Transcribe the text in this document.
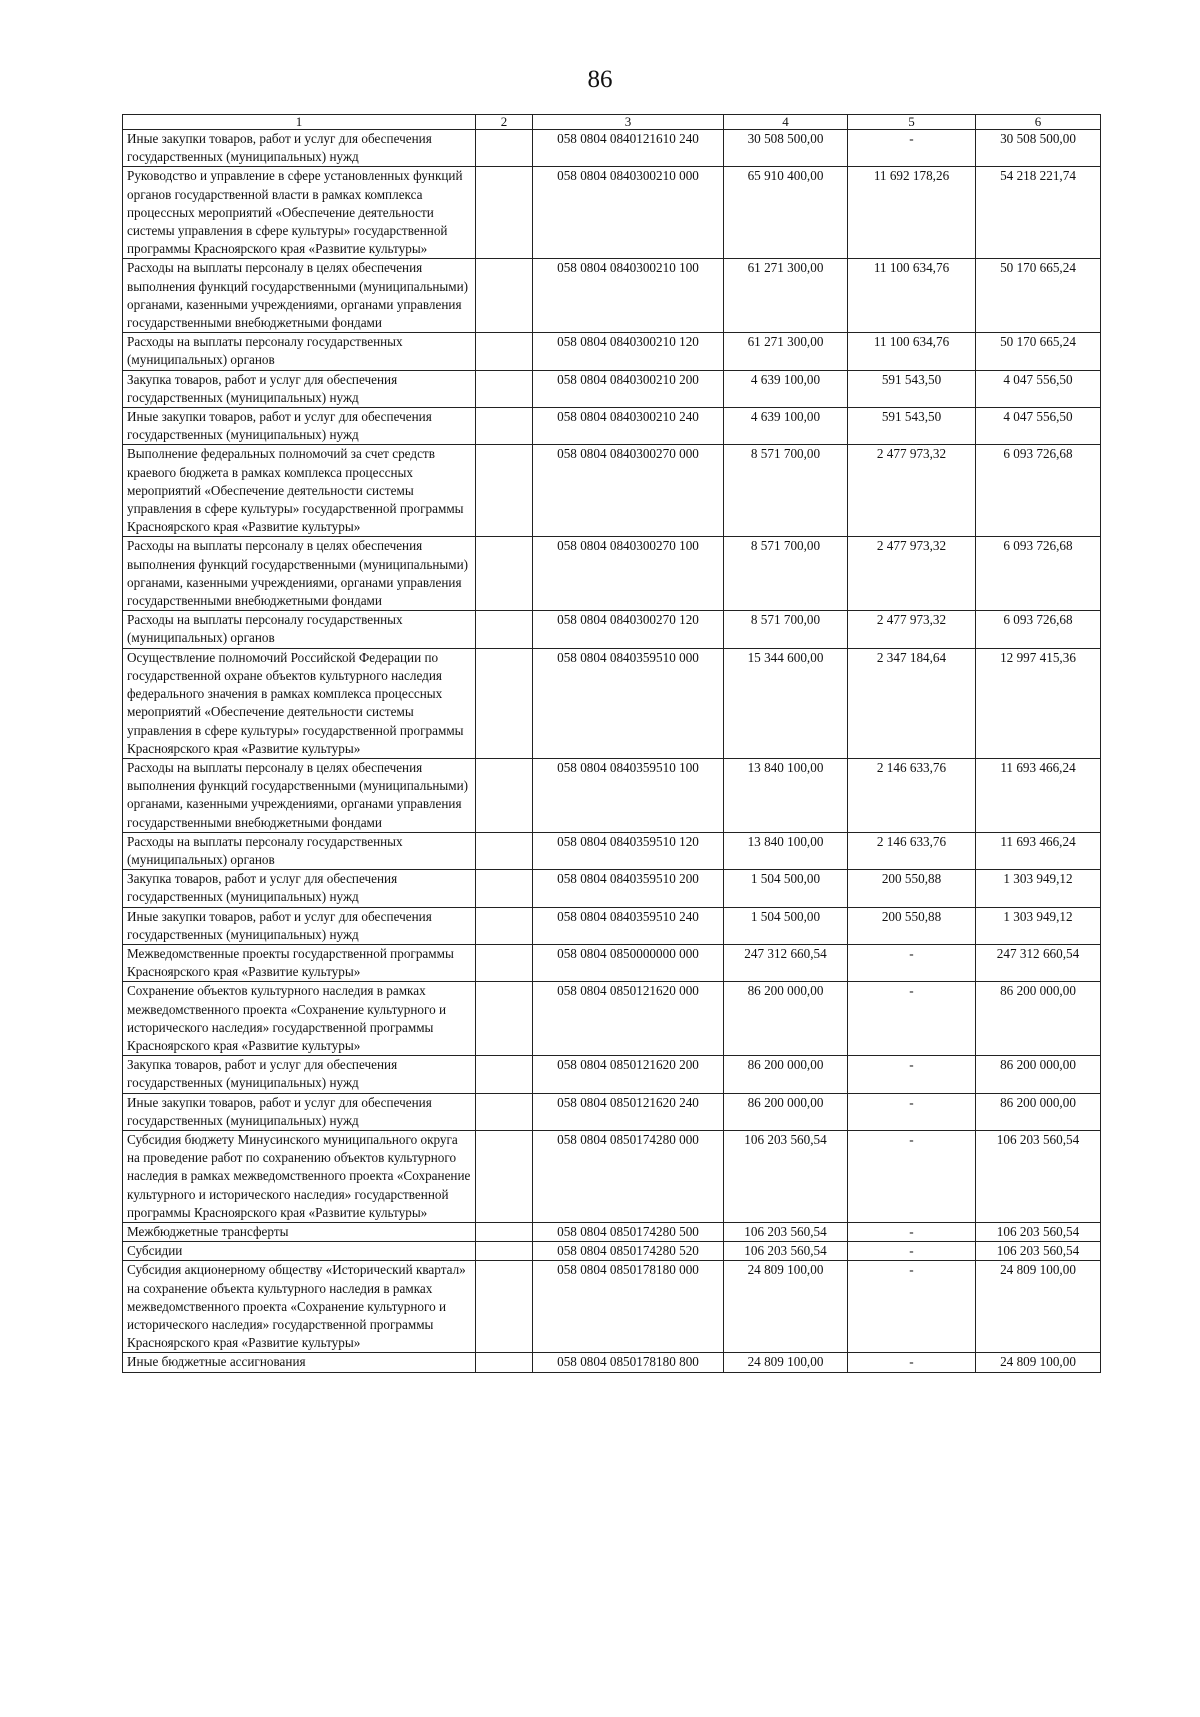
86
1	2	3	4	5	6
Иные закупки товаров, работ и услуг для обеспечения государственных (муниципальных) нужд		058 0804 0840121610 240	30 508 500,00	-	30 508 500,00
Руководство и управление в сфере установленных функций органов государственной власти в рамках комплекса процессных мероприятий «Обеспечение деятельности системы управления в сфере культуры» государственной программы Красноярского края «Развитие культуры»		058 0804 0840300210 000	65 910 400,00	11 692 178,26	54 218 221,74
Расходы на выплаты персоналу в целях обеспечения выполнения функций государственными (муниципальными) органами, казенными учреждениями, органами управления государственными внебюджетными фондами		058 0804 0840300210 100	61 271 300,00	11 100 634,76	50 170 665,24
Расходы на выплаты персоналу государственных (муниципальных) органов		058 0804 0840300210 120	61 271 300,00	11 100 634,76	50 170 665,24
Закупка товаров, работ и услуг для обеспечения государственных (муниципальных) нужд		058 0804 0840300210 200	4 639 100,00	591 543,50	4 047 556,50
Иные закупки товаров, работ и услуг для обеспечения государственных (муниципальных) нужд		058 0804 0840300210 240	4 639 100,00	591 543,50	4 047 556,50
Выполнение федеральных полномочий за счет средств краевого бюджета в рамках комплекса процессных мероприятий «Обеспечение деятельности системы управления в сфере культуры» государственной программы Красноярского края «Развитие культуры»		058 0804 0840300270 000	8 571 700,00	2 477 973,32	6 093 726,68
Расходы на выплаты персоналу в целях обеспечения выполнения функций государственными (муниципальными) органами, казенными учреждениями, органами управления государственными внебюджетными фондами		058 0804 0840300270 100	8 571 700,00	2 477 973,32	6 093 726,68
Расходы на выплаты персоналу государственных (муниципальных) органов		058 0804 0840300270 120	8 571 700,00	2 477 973,32	6 093 726,68
Осуществление полномочий Российской Федерации по государственной охране объектов культурного наследия федерального значения в рамках комплекса процессных мероприятий «Обеспечение деятельности системы управления в сфере культуры» государственной программы Красноярского края «Развитие культуры»		058 0804 0840359510 000	15 344 600,00	2 347 184,64	12 997 415,36
Расходы на выплаты персоналу в целях обеспечения выполнения функций государственными (муниципальными) органами, казенными учреждениями, органами управления государственными внебюджетными фондами		058 0804 0840359510 100	13 840 100,00	2 146 633,76	11 693 466,24
Расходы на выплаты персоналу государственных (муниципальных) органов		058 0804 0840359510 120	13 840 100,00	2 146 633,76	11 693 466,24
Закупка товаров, работ и услуг для обеспечения государственных (муниципальных) нужд		058 0804 0840359510 200	1 504 500,00	200 550,88	1 303 949,12
Иные закупки товаров, работ и услуг для обеспечения государственных (муниципальных) нужд		058 0804 0840359510 240	1 504 500,00	200 550,88	1 303 949,12
Межведомственные проекты государственной программы Красноярского края «Развитие культуры»		058 0804 0850000000 000	247 312 660,54	-	247 312 660,54
Сохранение объектов культурного наследия в рамках межведомственного проекта «Сохранение культурного и исторического наследия» государственной программы Красноярского края «Развитие культуры»		058 0804 0850121620 000	86 200 000,00	-	86 200 000,00
Закупка товаров, работ и услуг для обеспечения государственных (муниципальных) нужд		058 0804 0850121620 200	86 200 000,00	-	86 200 000,00
Иные закупки товаров, работ и услуг для обеспечения государственных (муниципальных) нужд		058 0804 0850121620 240	86 200 000,00	-	86 200 000,00
Субсидия бюджету Минусинского муниципального округа на проведение работ по сохранению объектов культурного наследия в рамках межведомственного проекта «Сохранение культурного и исторического наследия» государственной программы Красноярского края «Развитие культуры»		058 0804 0850174280 000	106 203 560,54	-	106 203 560,54
Межбюджетные трансферты		058 0804 0850174280 500	106 203 560,54	-	106 203 560,54
Субсидии		058 0804 0850174280 520	106 203 560,54	-	106 203 560,54
Субсидия акционерному обществу «Исторический квартал» на сохранение объекта культурного наследия в рамках межведомственного проекта «Сохранение культурного и исторического наследия» государственной программы Красноярского края «Развитие культуры»		058 0804 0850178180 000	24 809 100,00	-	24 809 100,00
Иные бюджетные ассигнования		058 0804 0850178180 800	24 809 100,00	-	24 809 100,00
